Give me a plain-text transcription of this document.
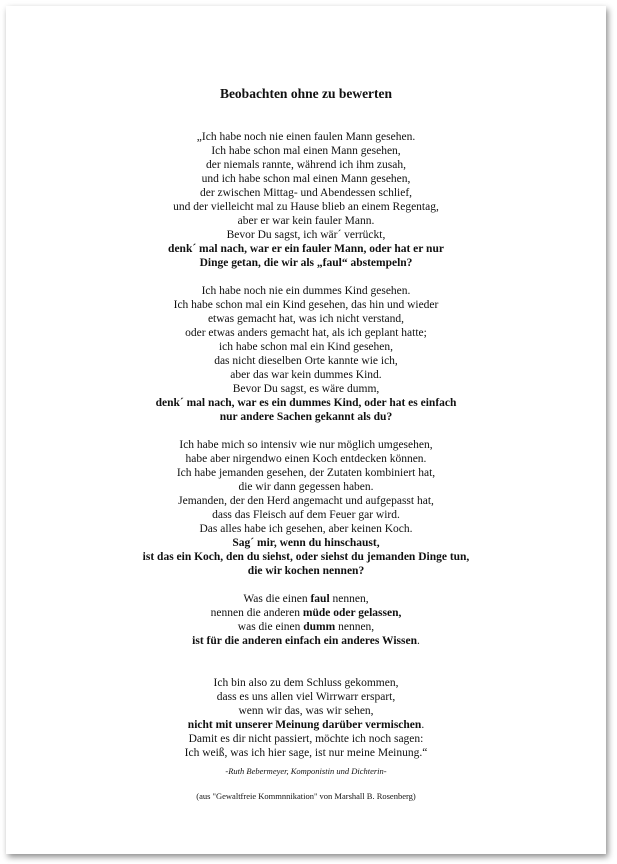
Beobachten ohne zu bewerten
„Ich habe noch nie einen faulen Mann gesehen.
Ich habe schon mal einen Mann gesehen,
der niemals rannte, während ich ihm zusah,
und ich habe schon mal einen Mann gesehen,
der zwischen Mittag- und Abendessen schlief,
und der vielleicht mal zu Hause blieb an einem Regentag,
aber er war kein fauler Mann.
Bevor Du sagst, ich wär´ verrückt,
denk´ mal nach, war er ein fauler Mann, oder hat er nur
Dinge getan, die wir als „faul“ abstempeln?
Ich habe noch nie ein dummes Kind gesehen.
Ich habe schon mal ein Kind gesehen, das hin und wieder
etwas gemacht hat, was ich nicht verstand,
oder etwas anders gemacht hat, als ich geplant hatte;
ich habe schon mal ein Kind gesehen,
das nicht dieselben Orte kannte wie ich,
aber das war kein dummes Kind.
Bevor Du sagst, es wäre dumm,
denk´ mal nach, war es ein dummes Kind, oder hat es einfach
nur andere Sachen gekannt als du?
Ich habe mich so intensiv wie nur möglich umgesehen,
habe aber nirgendwo einen Koch entdecken können.
Ich habe jemanden gesehen, der Zutaten kombiniert hat,
die wir dann gegessen haben.
Jemanden, der den Herd angemacht und aufgepasst hat,
dass das Fleisch auf dem Feuer gar wird.
Das alles habe ich gesehen, aber keinen Koch.
Sag´ mir, wenn du hinschaust,
ist das ein Koch, den du siehst, oder siehst du jemanden Dinge tun,
die wir kochen nennen?
Was die einen faul nennen,
nennen die anderen müde oder gelassen,
was die einen dumm nennen,
ist für die anderen einfach ein anderes Wissen.
Ich bin also zu dem Schluss gekommen,
dass es uns allen viel Wirrwarr erspart,
wenn wir das, was wir sehen,
nicht mit unserer Meinung darüber vermischen.
Damit es dir nicht passiert, möchte ich noch sagen:
Ich weiß, was ich hier sage, ist nur meine Meinung.“
-Ruth Bebermeyer, Komponistin und Dichterin-
(aus "Gewaltfreie Kommnnikation" von Marshall B. Rosenberg)
